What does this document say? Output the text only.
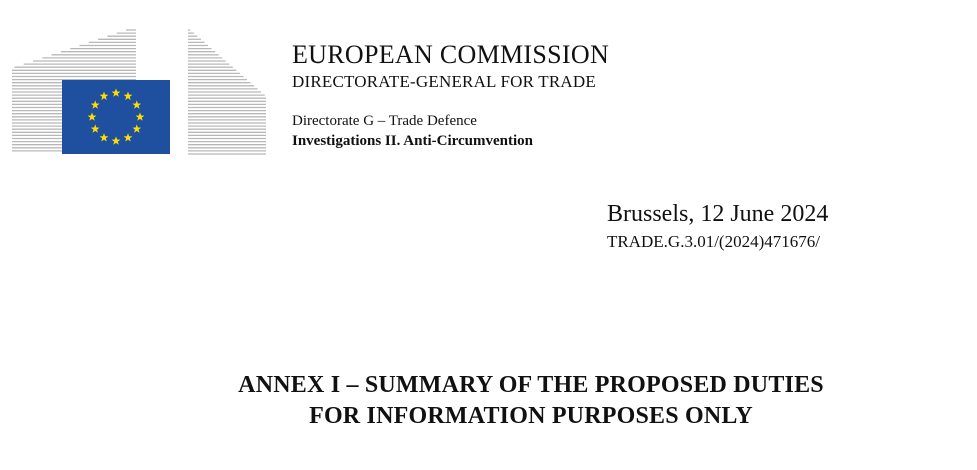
EUROPEAN COMMISSION
DIRECTORATE-GENERAL FOR TRADE
Directorate G – Trade Defence
Investigations II. Anti-Circumvention
Brussels, 12 June 2024
TRADE.G.3.01/(2024)471676/
ANNEX I – SUMMARY OF THE PROPOSED DUTIES
FOR INFORMATION PURPOSES ONLY
